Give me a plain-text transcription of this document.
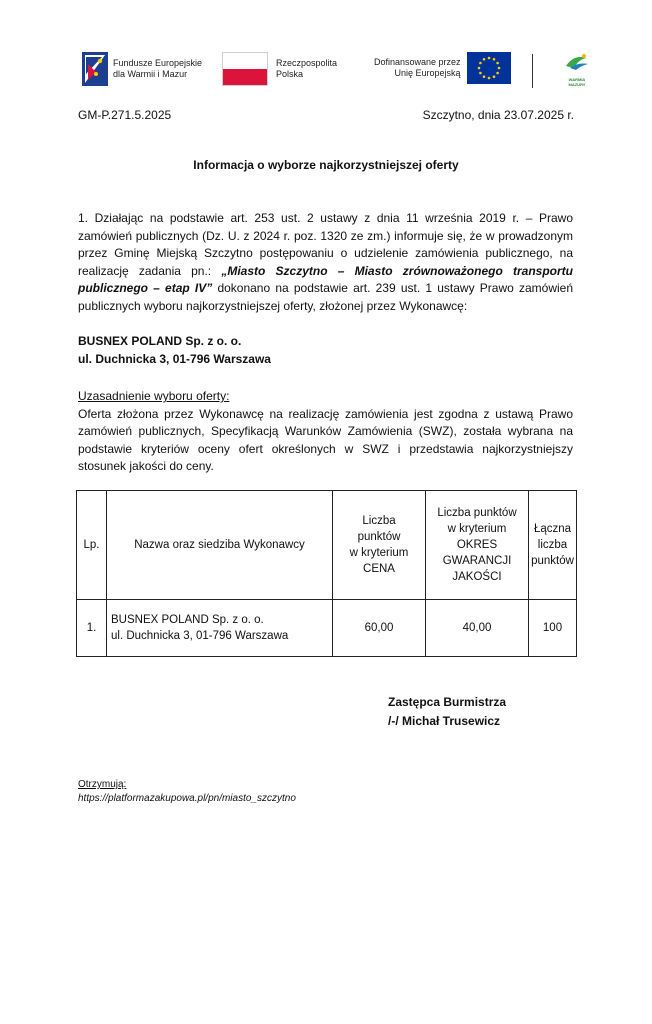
Fundusze Europejskie
dla Warmii i Mazur
Rzeczpospolita
Polska
Dofinansowane przez
Unię Europejską
WARMIA
MAZURY
GM-P.271.5.2025	Szczytno, dnia 23.07.2025 r.
Informacja o wyborze najkorzystniejszej oferty
1. Działając na podstawie art. 253 ust. 2 ustawy z dnia 11 września 2019 r. – Prawo zamówień publicznych (Dz. U. z 2024 r. poz. 1320 ze zm.) informuje się, że w prowadzonym przez Gminę Miejską Szczytno postępowaniu o udzielenie zamówienia publicznego, na realizację zadania pn.: „Miasto Szczytno – Miasto zrównoważonego transportu publicznego – etap IV” dokonano na podstawie art. 239 ust. 1 ustawy Prawo zamówień publicznych wyboru najkorzystniejszej oferty, złożonej przez Wykonawcę:
BUSNEX POLAND Sp. z o. o.
ul. Duchnicka 3, 01-796 Warszawa
Uzasadnienie wyboru oferty:
Oferta złożona przez Wykonawcę na realizację zamówienia jest zgodna z ustawą Prawo zamówień publicznych, Specyfikacją Warunków Zamówienia (SWZ), została wybrana na podstawie kryteriów oceny ofert określonych w SWZ i przedstawia najkorzystniejszy stosunek jakości do ceny.
Lp.	Nazwa oraz siedziba Wykonawcy	Liczba
punktów
w kryterium
CENA	Liczba punktów
w kryterium
OKRES GWARANCJI
JAKOŚCI	Łączna
liczba
punktów

1.	BUSNEX POLAND Sp. z o. o.
ul. Duchnicka 3, 01-796 Warszawa	60,00	40,00	100
Zastępca Burmistrza
/-/ Michał Trusewicz
Otrzymują:
https://platformazakupowa.pl/pn/miasto_szczytno
